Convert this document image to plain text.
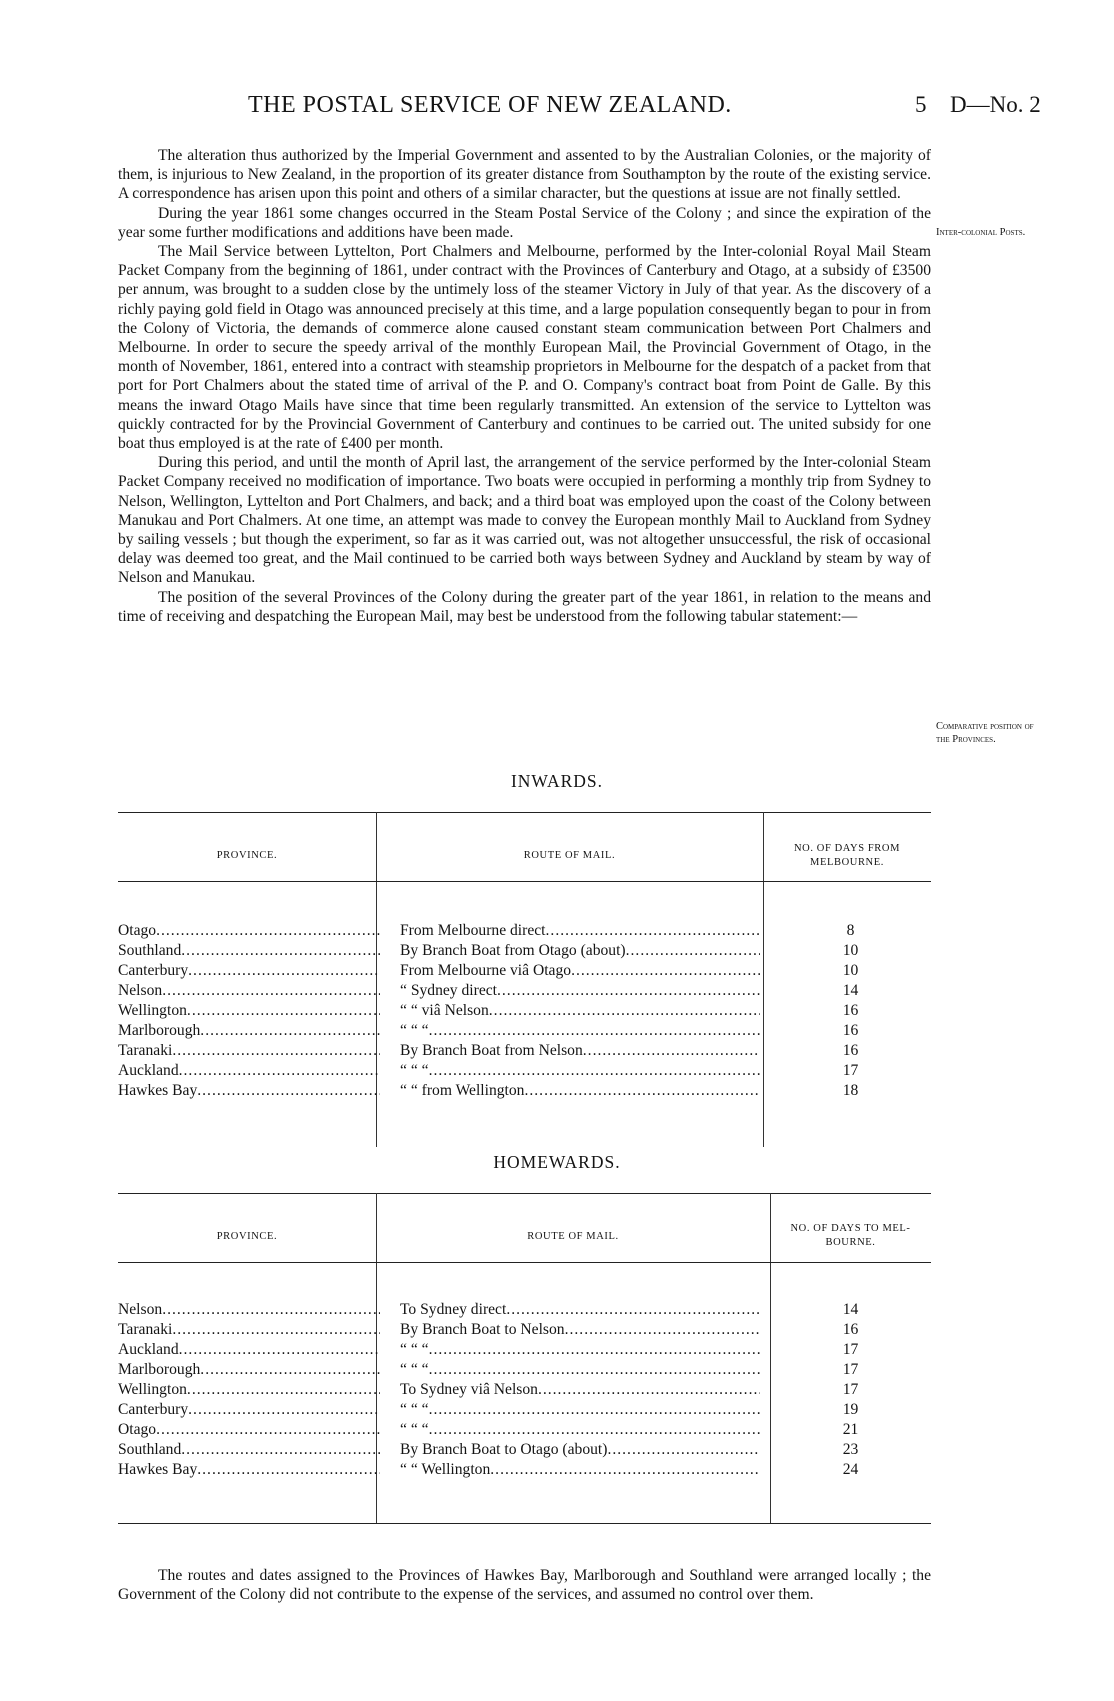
THE POSTAL SERVICE OF NEW ZEALAND.	5 D—No. 2

The alteration thus authorized by the Imperial Government and assented to by the Australian Colonies, or the majority of them, is injurious to New Zealand, in the proportion of its greater distance from Southampton by the route of the existing service. A correspondence has arisen upon this point and others of a similar character, but the questions at issue are not finally settled.

During the year 1861 some changes occurred in the Steam Postal Service of the Colony ; and since the expiration of the year some further modifications and additions have been made.

The Mail Service between Lyttelton, Port Chalmers and Melbourne, performed by the Inter-colonial Royal Mail Steam Packet Company from the beginning of 1861, under contract with the Provinces of Canterbury and Otago, at a subsidy of £3500 per annum, was brought to a sudden close by the untimely loss of the steamer Victory in July of that year. As the discovery of a richly paying gold field in Otago was announced precisely at this time, and a large population consequently began to pour in from the Colony of Victoria, the demands of commerce alone caused constant steam communication between Port Chalmers and Melbourne. In order to secure the speedy arrival of the monthly European Mail, the Provincial Government of Otago, in the month of November, 1861, entered into a contract with steamship proprietors in Melbourne for the despatch of a packet from that port for Port Chalmers about the stated time of arrival of the P. and O. Company's contract boat from Point de Galle. By this means the inward Otago Mails have since that time been regularly transmitted. An extension of the service to Lyttelton was quickly contracted for by the Provincial Government of Canterbury and continues to be carried out. The united subsidy for one boat thus employed is at the rate of £400 per month.

During this period, and until the month of April last, the arrangement of the service performed by the Inter-colonial Steam Packet Company received no modification of importance. Two boats were occupied in performing a monthly trip from Sydney to Nelson, Wellington, Lyttelton and Port Chalmers, and back; and a third boat was employed upon the coast of the Colony between Manukau and Port Chalmers. At one time, an attempt was made to convey the European monthly Mail to Auckland from Sydney by sailing vessels ; but though the experiment, so far as it was carried out, was not altogether unsuccessful, the risk of occasional delay was deemed too great, and the Mail continued to be carried both ways between Sydney and Auckland by steam by way of Nelson and Manukau.

The position of the several Provinces of the Colony during the greater part of the year 1861, in relation to the means and time of receiving and despatching the European Mail, may best be understood from the following tabular statement:—

Inter-colonial Posts.
Comparative position of
the Provinces.
INWARDS.
PROVINCE.	ROUTE OF MAIL.
NO. OF DAYS FROM
MELBOURNE.
Otago .....	From Melbourne direct .....	8
Southland .....	By Branch Boat from Otago (about) .....	10
Canterbury .....	From Melbourne viâ Otago .....	10
Nelson .....	“ Sydney direct .....	14
Wellington .....	“ “ viâ Nelson .....	16
Marlborough .....	“ “ “ .....	16
Taranaki .....	By Branch Boat from Nelson .....	16
Auckland .....	“ “ “ .....	17
Hawkes Bay .....	“ “ from Wellington .....	18
HOMEWARDS.
PROVINCE.	ROUTE OF MAIL.
NO. OF DAYS TO MEL-
BOURNE.
Nelson .....	To Sydney direct .....	14
Taranaki .....	By Branch Boat to Nelson .....	16
Auckland .....	“ “ “ .....	17
Marlborough .....	“ “ “ .....	17
Wellington .....	To Sydney viâ Nelson .....	17
Canterbury .....	“ “ “ .....	19
Otago .....	“ “ “ .....	21
Southland .....	By Branch Boat to Otago (about) .....	23
Hawkes Bay .....	“ “ Wellington .....	24

The routes and dates assigned to the Provinces of Hawkes Bay, Marlborough and Southland were arranged locally ; the Government of the Colony did not contribute to the expense of the services, and assumed no control over them.
